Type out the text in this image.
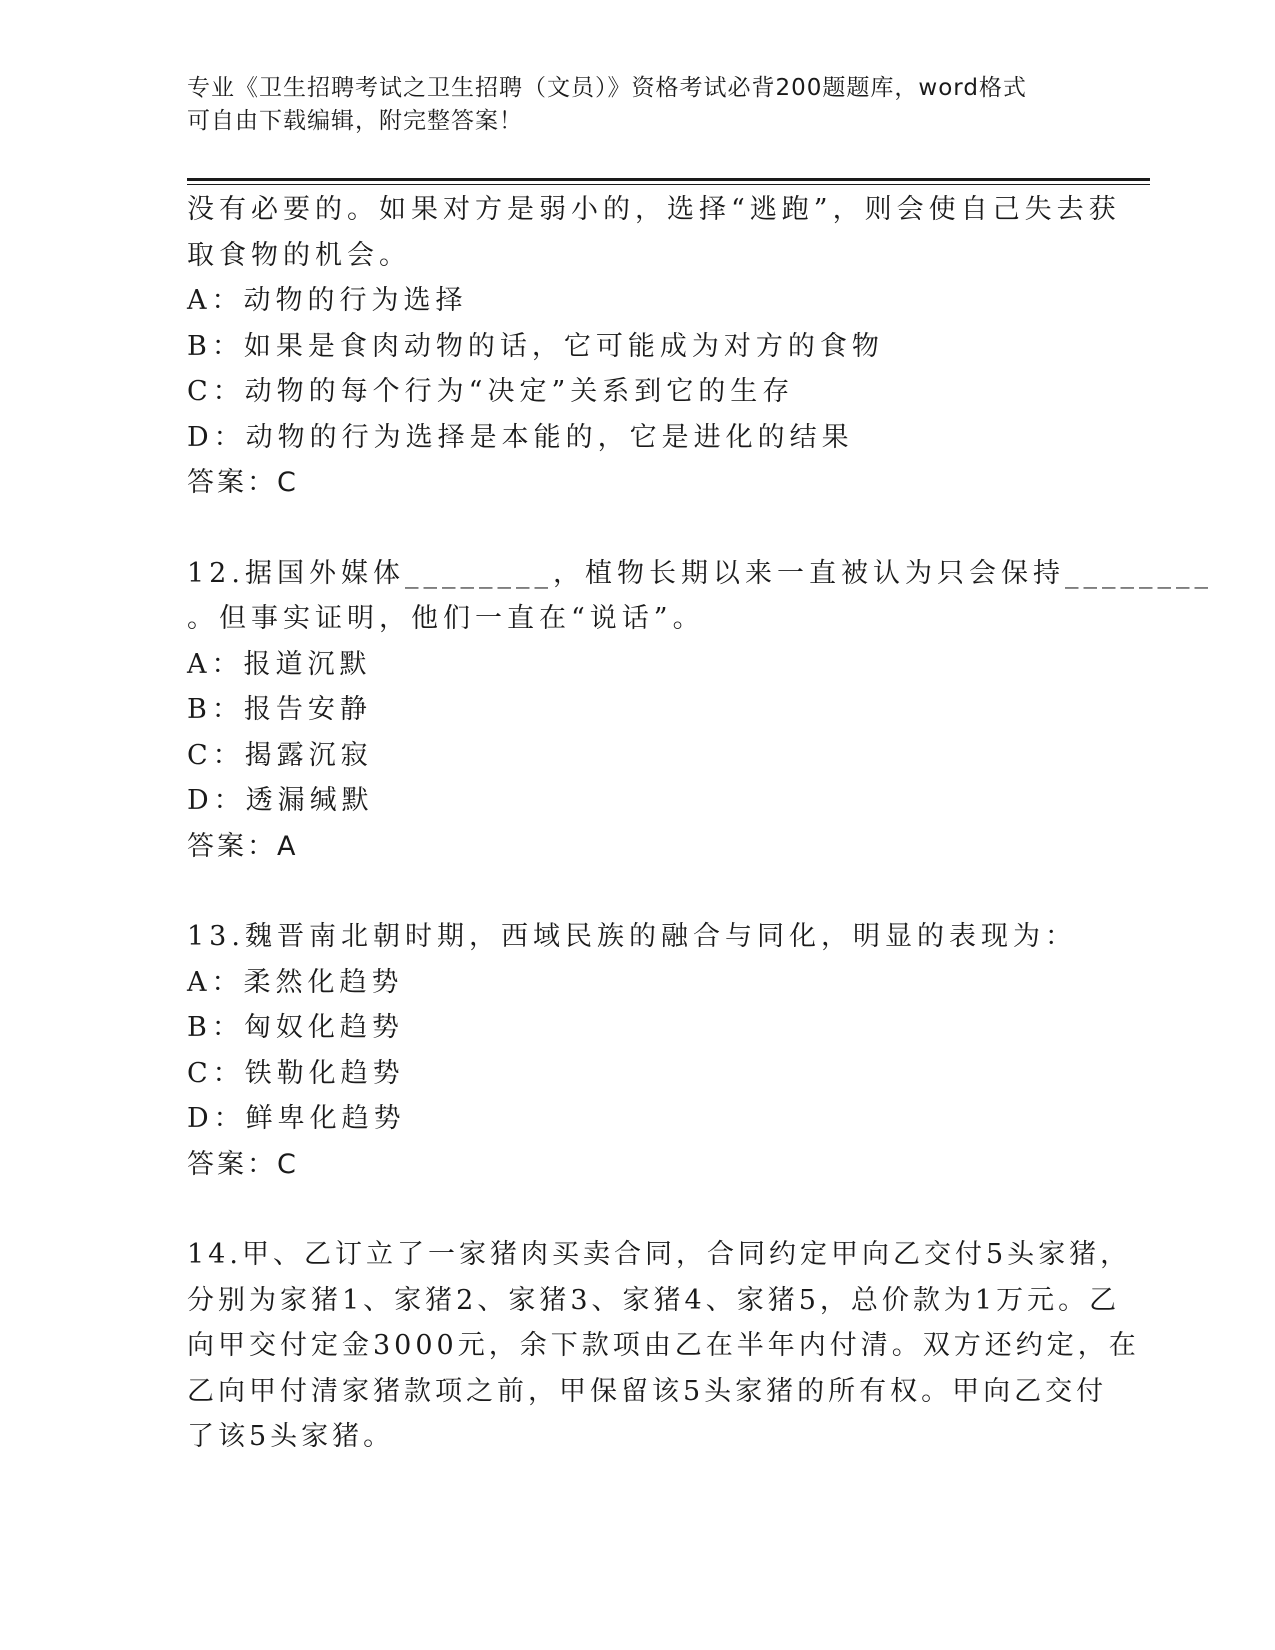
专业《卫生招聘考试之卫生招聘（文员）》资格考试必背200题题库，word格式
可自由下载编辑，附完整答案！
没有必要的。如果对方是弱小的，选择“逃跑”，则会使自己失去获
取食物的机会。
A：动物的行为选择
B：如果是食肉动物的话，它可能成为对方的食物
C：动物的每个行为“决定”关系到它的生存
D：动物的行为选择是本能的，它是进化的结果
答案：C
12.据国外媒体________，植物长期以来一直被认为只会保持________
。但事实证明，他们一直在“说话”。
A：报道沉默
B：报告安静
C：揭露沉寂
D：透漏缄默
答案：A
13.魏晋南北朝时期，西域民族的融合与同化，明显的表现为：
A：柔然化趋势
B：匈奴化趋势
C：铁勒化趋势
D：鲜卑化趋势
答案：C
14.甲、乙订立了一家猪肉买卖合同，合同约定甲向乙交付5头家猪，
分别为家猪1、家猪2、家猪3、家猪4、家猪5，总价款为1万元。乙
向甲交付定金3000元，余下款项由乙在半年内付清。双方还约定，在
乙向甲付清家猪款项之前，甲保留该5头家猪的所有权。甲向乙交付
了该5头家猪。
